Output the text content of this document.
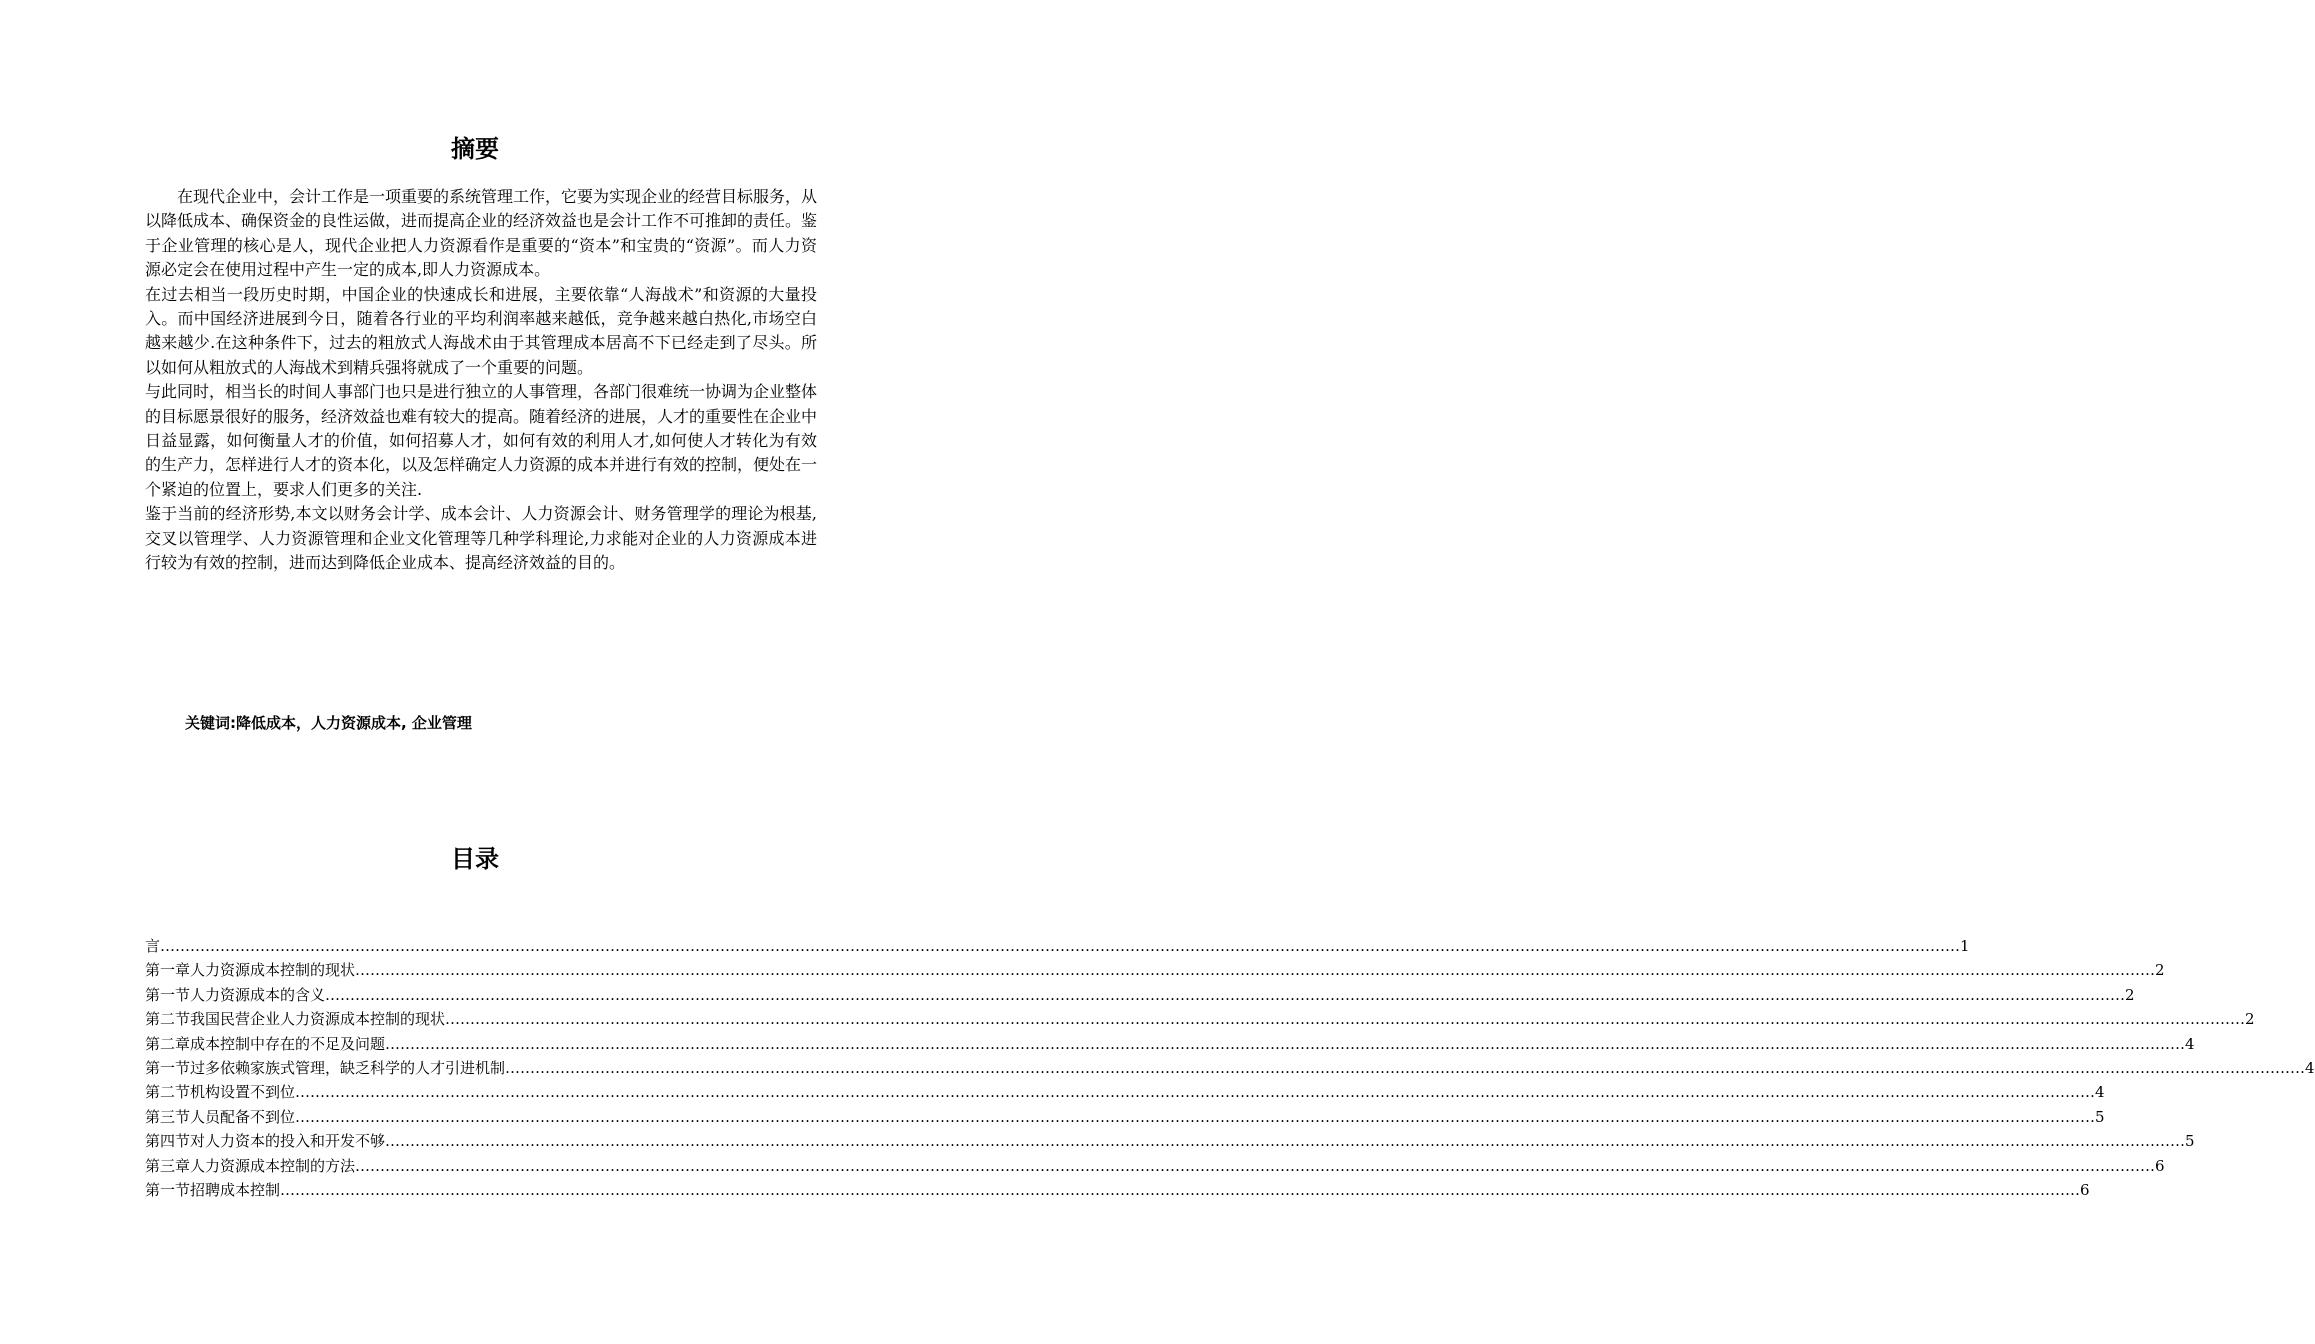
摘要

在现代企业中，会计工作是一项重要的系统管理工作，它要为实现企业的经营目标服务，从以降低成本、确保资金的良性运做，进而提高企业的经济效益也是会计工作不可推卸的责任。鉴于企业管理的核心是人，现代企业把人力资源看作是重要的“资本”和宝贵的“资源”。而人力资源必定会在使用过程中产生一定的成本,即人力资源成本。

在过去相当一段历史时期，中国企业的快速成长和进展，主要依靠“人海战术”和资源的大量投入。而中国经济进展到今日，随着各行业的平均利润率越来越低，竞争越来越白热化,市场空白越来越少.在这种条件下，过去的粗放式人海战术由于其管理成本居高不下已经走到了尽头。所以如何从粗放式的人海战术到精兵强将就成了一个重要的问题。

与此同时，相当长的时间人事部门也只是进行独立的人事管理，各部门很难统一协调为企业整体的目标愿景很好的服务，经济效益也难有较大的提高。随着经济的进展，人才的重要性在企业中日益显露，如何衡量人才的价值，如何招募人才，如何有效的利用人才,如何使人才转化为有效的生产力，怎样进行人才的资本化，以及怎样确定人力资源的成本并进行有效的控制，便处在一个紧迫的位置上，要求人们更多的关注.

鉴于当前的经济形势,本文以财务会计学、成本会计、人力资源会计、财务管理学的理论为根基,交叉以管理学、人力资源管理和企业文化管理等几种学科理论,力求能对企业的人力资源成本进行较为有效的控制，进而达到降低企业成本、提高经济效益的目的。

关键词:降低成本，人力资源成本, 企业管理
目录
言 ……………………………………………………………………………………………………………………………………………………………………………………………………………………………………………………………………………………………………………………………… 1
第一章人力资源成本控制的现状 ……………………………………………………………………………………………………………………………………………………………………………………………………………………………………………………………………………………………………………………………… 2
第一节人力资源成本的含义 ……………………………………………………………………………………………………………………………………………………………………………………………………………………………………………………………………………………………………………………………… 2
第二节我国民营企业人力资源成本控制的现状 ……………………………………………………………………………………………………………………………………………………………………………………………………………………………………………………………………………………………………………………………… 2
第二章成本控制中存在的不足及问题 ……………………………………………………………………………………………………………………………………………………………………………………………………………………………………………………………………………………………………………………………… 4
第一节过多依赖家族式管理，缺乏科学的人才引进机制 ……………………………………………………………………………………………………………………………………………………………………………………………………………………………………………………………………………………………………………………………… 4
第二节机构设置不到位 ……………………………………………………………………………………………………………………………………………………………………………………………………………………………………………………………………………………………………………………………… 4
第三节人员配备不到位 ……………………………………………………………………………………………………………………………………………………………………………………………………………………………………………………………………………………………………………………………… 5
第四节对人力资本的投入和开发不够 ……………………………………………………………………………………………………………………………………………………………………………………………………………………………………………………………………………………………………………………………… 5
第三章人力资源成本控制的方法 ……………………………………………………………………………………………………………………………………………………………………………………………………………………………………………………………………………………………………………………………… 6
第一节招聘成本控制 ……………………………………………………………………………………………………………………………………………………………………………………………………………………………………………………………………………………………………………………………… 6
